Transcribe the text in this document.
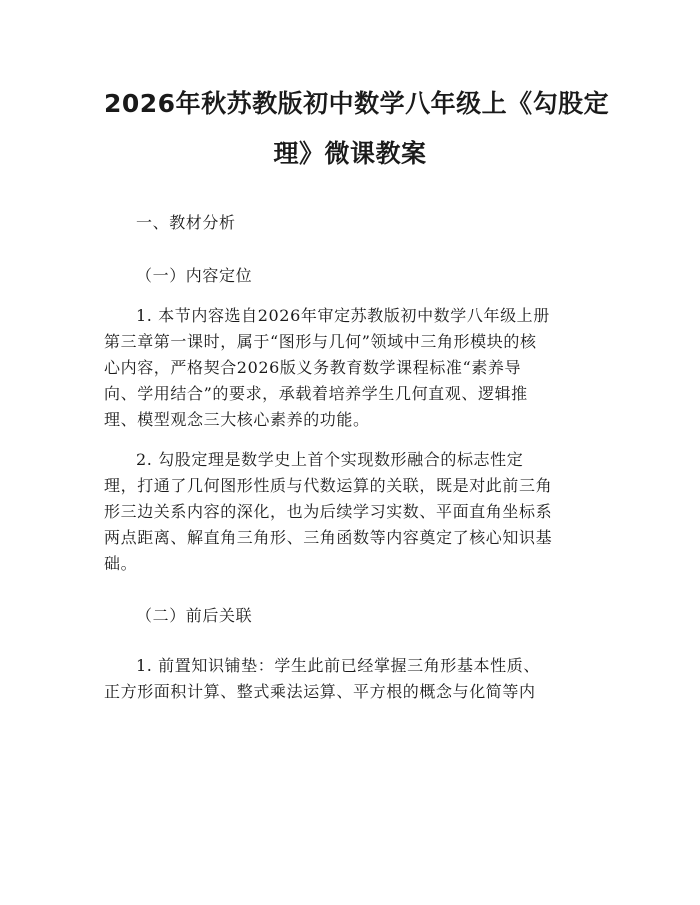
2026年秋苏教版初中数学八年级上《勾股定
理》微课教案
一、教材分析
（一）内容定位
1. 本节内容选自2026年审定苏教版初中数学八年级上册
第三章第一课时，属于“图形与几何”领域中三角形模块的核
心内容，严格契合2026版义务教育数学课程标准“素养导
向、学用结合”的要求，承载着培养学生几何直观、逻辑推
理、模型观念三大核心素养的功能。
2. 勾股定理是数学史上首个实现数形融合的标志性定
理，打通了几何图形性质与代数运算的关联，既是对此前三角
形三边关系内容的深化，也为后续学习实数、平面直角坐标系
两点距离、解直角三角形、三角函数等内容奠定了核心知识基
础。
（二）前后关联
1. 前置知识铺垫：学生此前已经掌握三角形基本性质、
正方形面积计算、整式乘法运算、平方根的概念与化简等内
